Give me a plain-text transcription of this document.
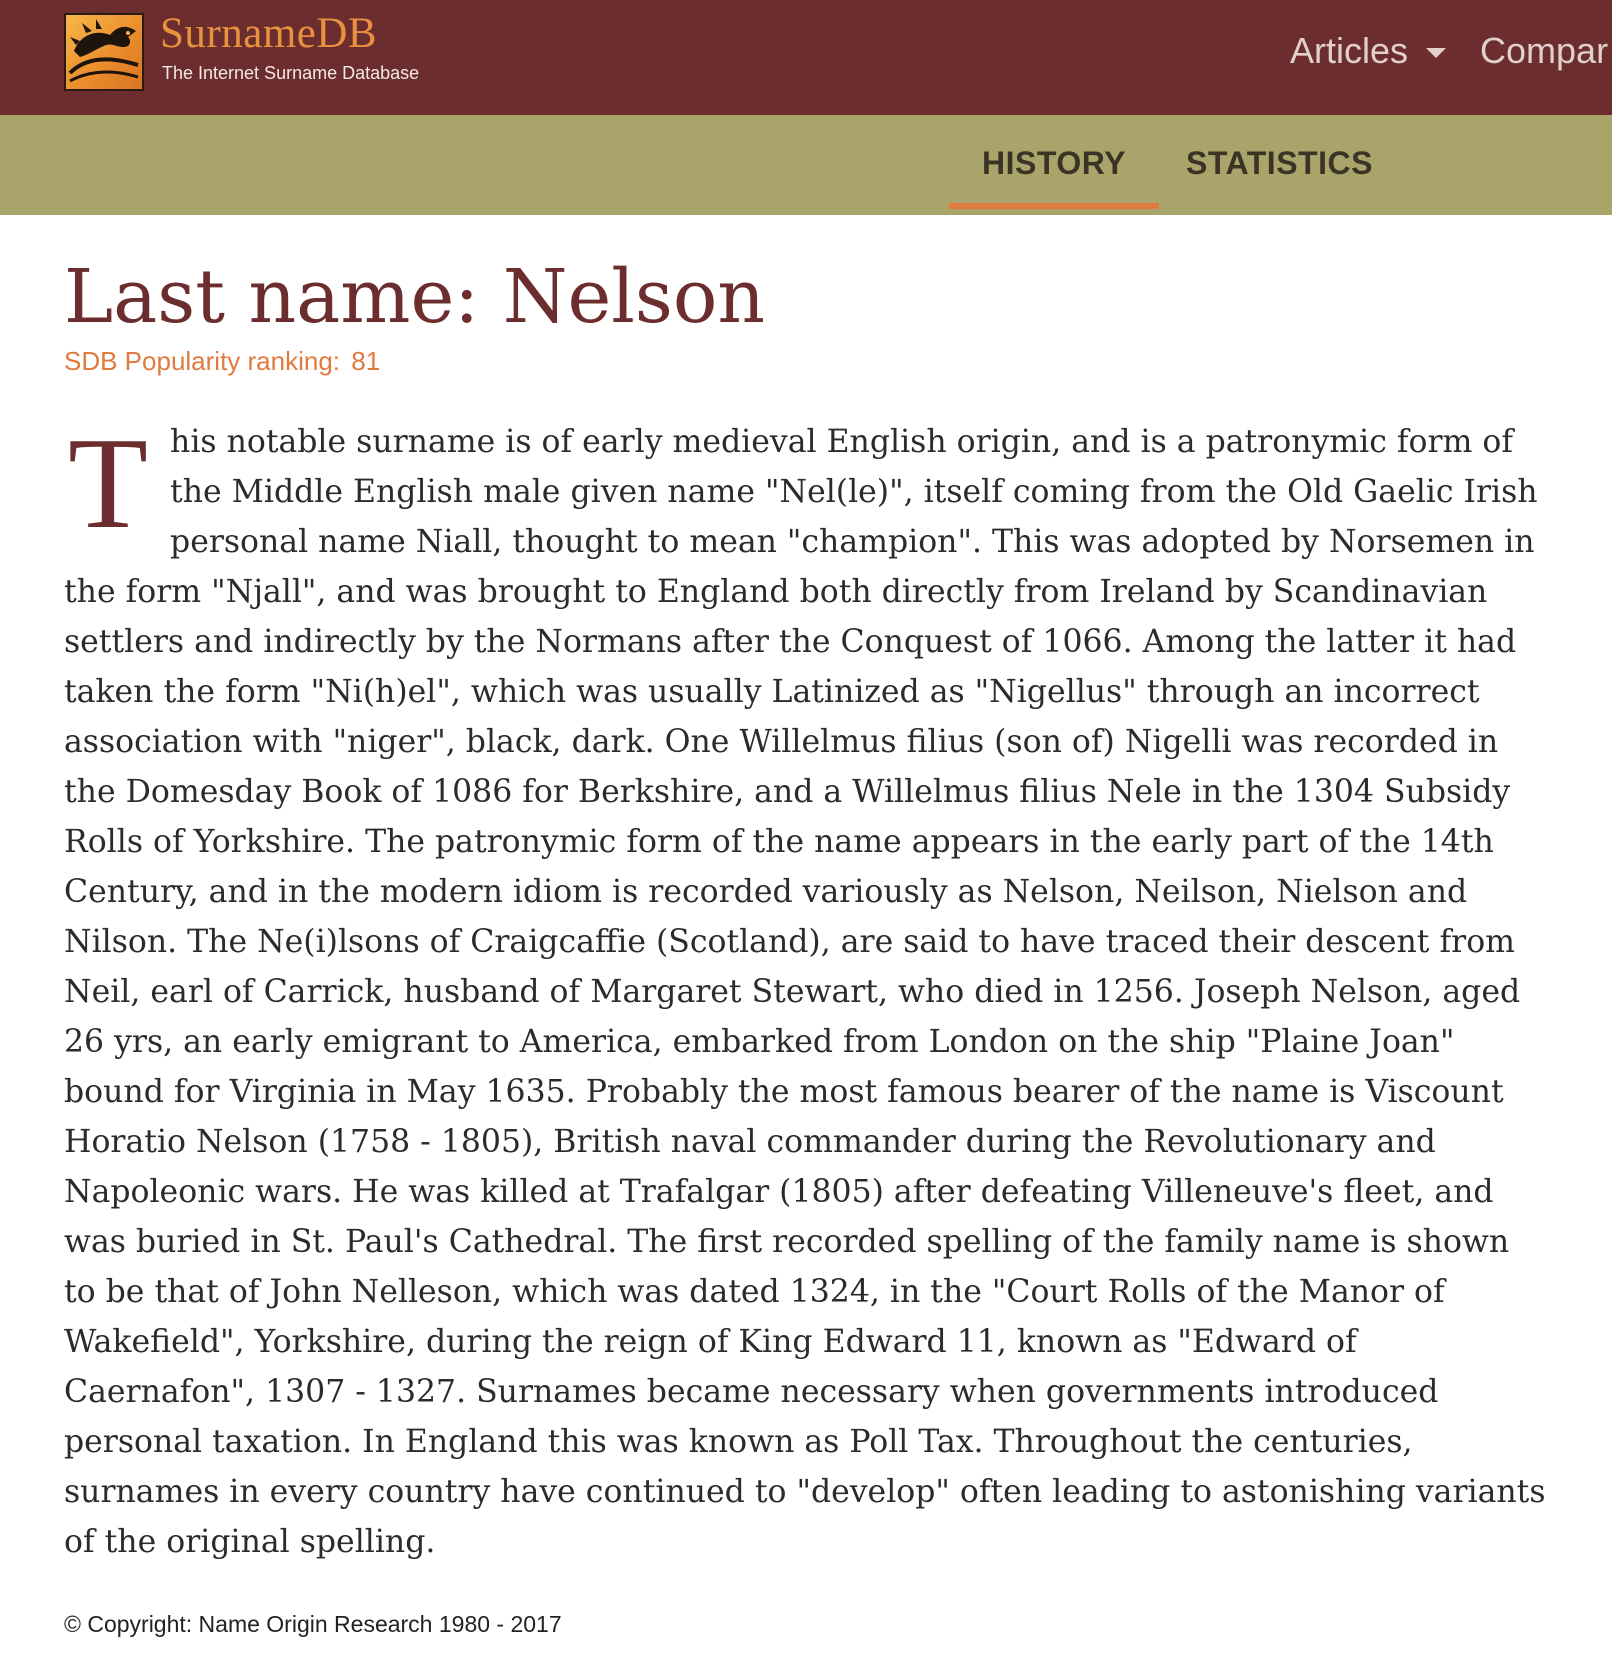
SurnameDB
The Internet Surname Database
Articles Compar
HISTORY STATISTICS
Last name: Nelson
SDB Popularity ranking: 81
T his notable surname is of early medieval English origin, and is a patronymic form of the Middle English male given name "Nel(le)", itself coming from the Old Gaelic Irish personal name Niall, thought to mean "champion". This was adopted by Norsemen in the form "Njall", and was brought to England both directly from Ireland by Scandinavian settlers and indirectly by the Normans after the Conquest of 1066. Among the latter it had taken the form "Ni(h)el", which was usually Latinized as "Nigellus" through an incorrect association with "niger", black, dark. One Willelmus filius (son of) Nigelli was recorded in the Domesday Book of 1086 for Berkshire, and a Willelmus filius Nele in the 1304 Subsidy Rolls of Yorkshire. The patronymic form of the name appears in the early part of the 14th Century, and in the modern idiom is recorded variously as Nelson, Neilson, Nielson and Nilson. The Ne(i)lsons of Craigcaffie (Scotland), are said to have traced their descent from Neil, earl of Carrick, husband of Margaret Stewart, who died in 1256. Joseph Nelson, aged 26 yrs, an early emigrant to America, embarked from London on the ship "Plaine Joan" bound for Virginia in May 1635. Probably the most famous bearer of the name is Viscount Horatio Nelson (1758 - 1805), British naval commander during the Revolutionary and Napoleonic wars. He was killed at Trafalgar (1805) after defeating Villeneuve's fleet, and was buried in St. Paul's Cathedral. The first recorded spelling of the family name is shown to be that of John Nelleson, which was dated 1324, in the "Court Rolls of the Manor of Wakefield", Yorkshire, during the reign of King Edward 11, known as "Edward of Caernafon", 1307 - 1327. Surnames became necessary when governments introduced personal taxation. In England this was known as Poll Tax. Throughout the centuries, surnames in every country have continued to "develop" often leading to astonishing variants of the original spelling.
© Copyright: Name Origin Research 1980 - 2017
